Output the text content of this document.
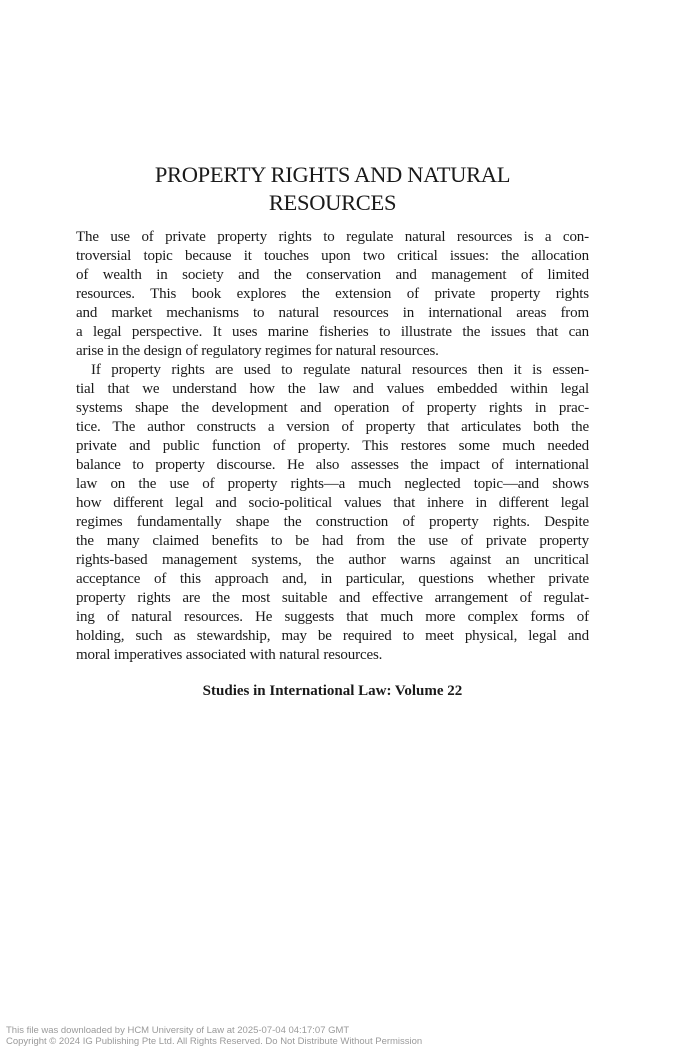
PROPERTY RIGHTS AND NATURAL
RESOURCES
The use of private property rights to regulate natural resources is a con-
troversial topic because it touches upon two critical issues: the allocation
of wealth in society and the conservation and management of limited
resources. This book explores the extension of private property rights
and market mechanisms to natural resources in international areas from
a legal perspective. It uses marine fisheries to illustrate the issues that can
arise in the design of regulatory regimes for natural resources.
If property rights are used to regulate natural resources then it is essen-
tial that we understand how the law and values embedded within legal
systems shape the development and operation of property rights in prac-
tice. The author constructs a version of property that articulates both the
private and public function of property. This restores some much needed
balance to property discourse. He also assesses the impact of international
law on the use of property rights—a much neglected topic—and shows
how different legal and socio-political values that inhere in different legal
regimes fundamentally shape the construction of property rights. Despite
the many claimed benefits to be had from the use of private property
rights-based management systems, the author warns against an uncritical
acceptance of this approach and, in particular, questions whether private
property rights are the most suitable and effective arrangement of regulat-
ing of natural resources. He suggests that much more complex forms of
holding, such as stewardship, may be required to meet physical, legal and
moral imperatives associated with natural resources.

Studies in International Law: Volume 22

This file was downloaded by HCM University of Law at 2025-07-04 04:17:07 GMT
Copyright © 2024 IG Publishing Pte Ltd. All Rights Reserved. Do Not Distribute Without Permission
